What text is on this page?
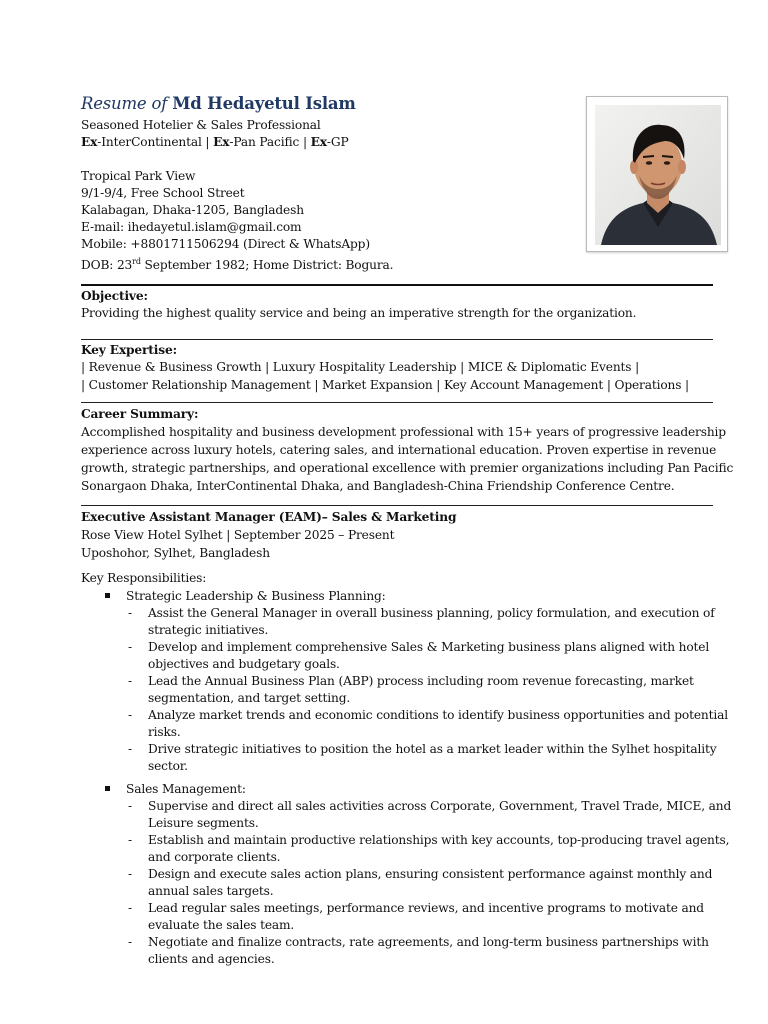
Resume of Md Hedayetul Islam
Seasoned Hotelier & Sales Professional
Ex-InterContinental | Ex-Pan Pacific | Ex-GP
Tropical Park View
9/1-9/4, Free School Street
Kalabagan, Dhaka-1205, Bangladesh
E-mail: ihedayetul.islam@gmail.com
Mobile: +8801711506294 (Direct & WhatsApp)
DOB: 23rd September 1982; Home District: Bogura.
Objective:
Providing the highest quality service and being an imperative strength for the organization.
Key Expertise:
| Revenue & Business Growth | Luxury Hospitality Leadership | MICE & Diplomatic Events |
| Customer Relationship Management | Market Expansion | Key Account Management | Operations |
Career Summary:
Accomplished hospitality and business development professional with 15+ years of progressive leadership
experience across luxury hotels, catering sales, and international education. Proven expertise in revenue
growth, strategic partnerships, and operational excellence with premier organizations including Pan Pacific
Sonargaon Dhaka, InterContinental Dhaka, and Bangladesh-China Friendship Conference Centre.
Executive Assistant Manager (EAM)– Sales & Marketing
Rose View Hotel Sylhet | September 2025 – Present
Uposhohor, Sylhet, Bangladesh
Key Responsibilities:
Strategic Leadership & Business Planning:
- Assist the General Manager in overall business planning, policy formulation, and execution of
strategic initiatives.
- Develop and implement comprehensive Sales & Marketing business plans aligned with hotel
objectives and budgetary goals.
- Lead the Annual Business Plan (ABP) process including room revenue forecasting, market
segmentation, and target setting.
- Analyze market trends and economic conditions to identify business opportunities and potential
risks.
- Drive strategic initiatives to position the hotel as a market leader within the Sylhet hospitality
sector.
Sales Management:
- Supervise and direct all sales activities across Corporate, Government, Travel Trade, MICE, and
Leisure segments.
- Establish and maintain productive relationships with key accounts, top-producing travel agents,
and corporate clients.
- Design and execute sales action plans, ensuring consistent performance against monthly and
annual sales targets.
- Lead regular sales meetings, performance reviews, and incentive programs to motivate and
evaluate the sales team.
- Negotiate and finalize contracts, rate agreements, and long-term business partnerships with
clients and agencies.
